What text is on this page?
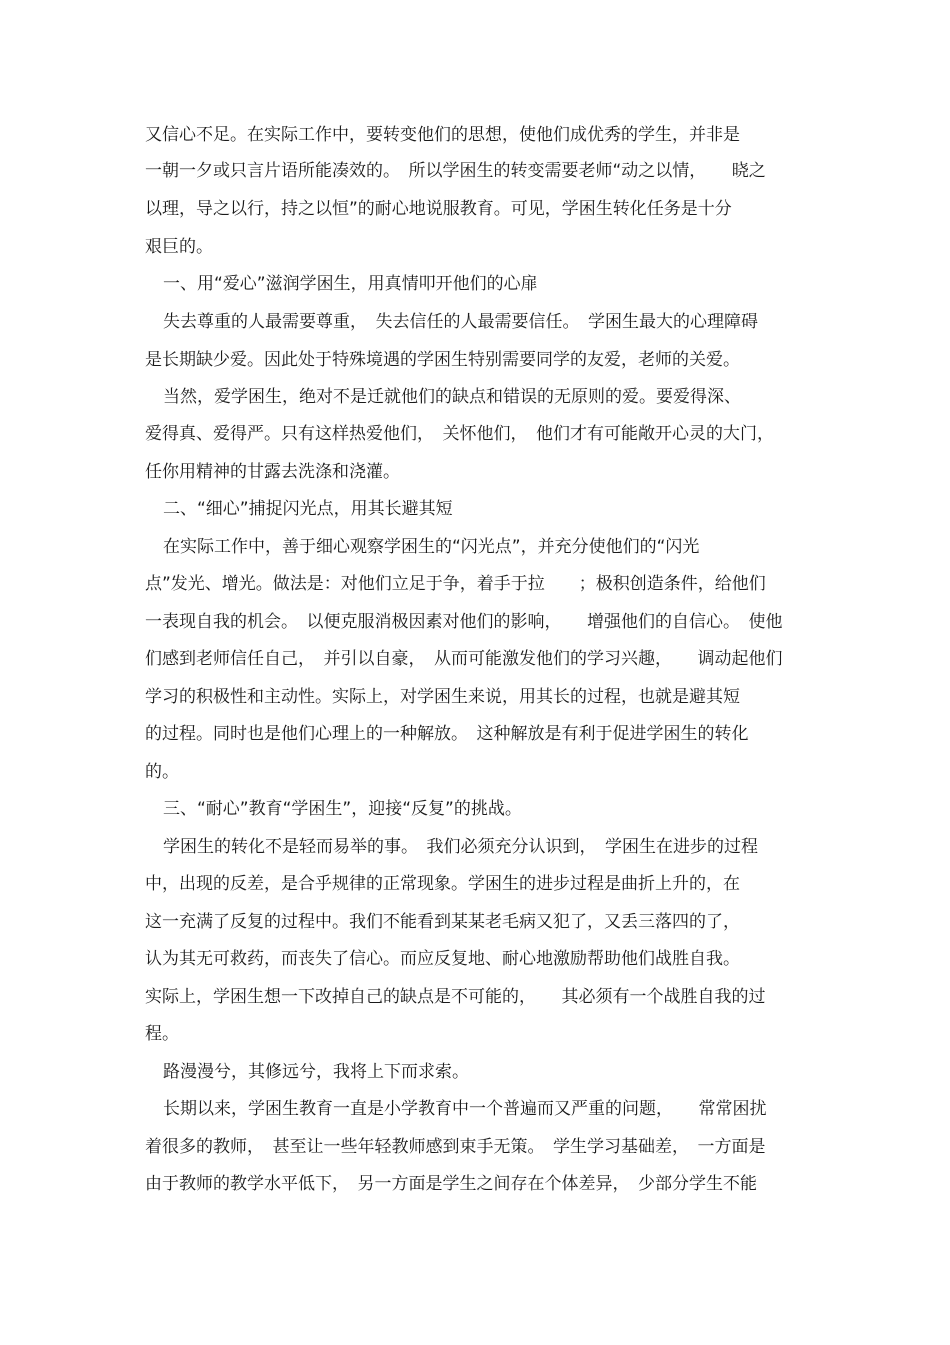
又信心不足。在实际工作中，要转变他们的思想，使他们成优秀的学生，并非是

一朝一夕或只言片语所能凑效的。　所以学困生的转变需要老师“动之以情，　　晓之

以理，导之以行，持之以恒”的耐心地说服教育。可见，学困生转化任务是十分

艰巨的。

一、用“爱心”滋润学困生，用真情叩开他们的心扉

失去尊重的人最需要尊重，　失去信任的人最需要信任。　学困生最大的心理障碍

是长期缺少爱。因此处于特殊境遇的学困生特别需要同学的友爱，老师的关爱。

当然，爱学困生，绝对不是迁就他们的缺点和错误的无原则的爱。要爱得深、

爱得真、爱得严。只有这样热爱他们，　关怀他们，　他们才有可能敞开心灵的大门，

任你用精神的甘露去洗涤和浇灌。

二、“细心”捕捉闪光点，用其长避其短

在实际工作中，善于细心观察学困生的“闪光点”，并充分使他们的“闪光

点”发光、增光。做法是：对他们立足于争，着手于拉　　；极积创造条件，给他们

一表现自我的机会。　以便克服消极因素对他们的影响，　　增强他们的自信心。　使他

们感到老师信任自己，　并引以自豪，　从而可能激发他们的学习兴趣，　　调动起他们

学习的积极性和主动性。实际上，对学困生来说，用其长的过程，也就是避其短

的过程。同时也是他们心理上的一种解放。　这种解放是有利于促进学困生的转化

的。

三、“耐心”教育“学困生”，迎接“反复”的挑战。

学困生的转化不是轻而易举的事。　我们必须充分认识到，　学困生在进步的过程

中，出现的反差，是合乎规律的正常现象。学困生的进步过程是曲折上升的，在

这一充满了反复的过程中。我们不能看到某某老毛病又犯了，又丢三落四的了，

认为其无可救药，而丧失了信心。而应反复地、耐心地激励帮助他们战胜自我。

实际上，学困生想一下改掉自己的缺点是不可能的，　　其必须有一个战胜自我的过

程。

路漫漫兮，其修远兮，我将上下而求索。

长期以来，学困生教育一直是小学教育中一个普遍而又严重的问题，　　常常困扰

着很多的教师，　甚至让一些年轻教师感到束手无策。　学生学习基础差，　一方面是

由于教师的教学水平低下，　另一方面是学生之间存在个体差异，　少部分学生不能
